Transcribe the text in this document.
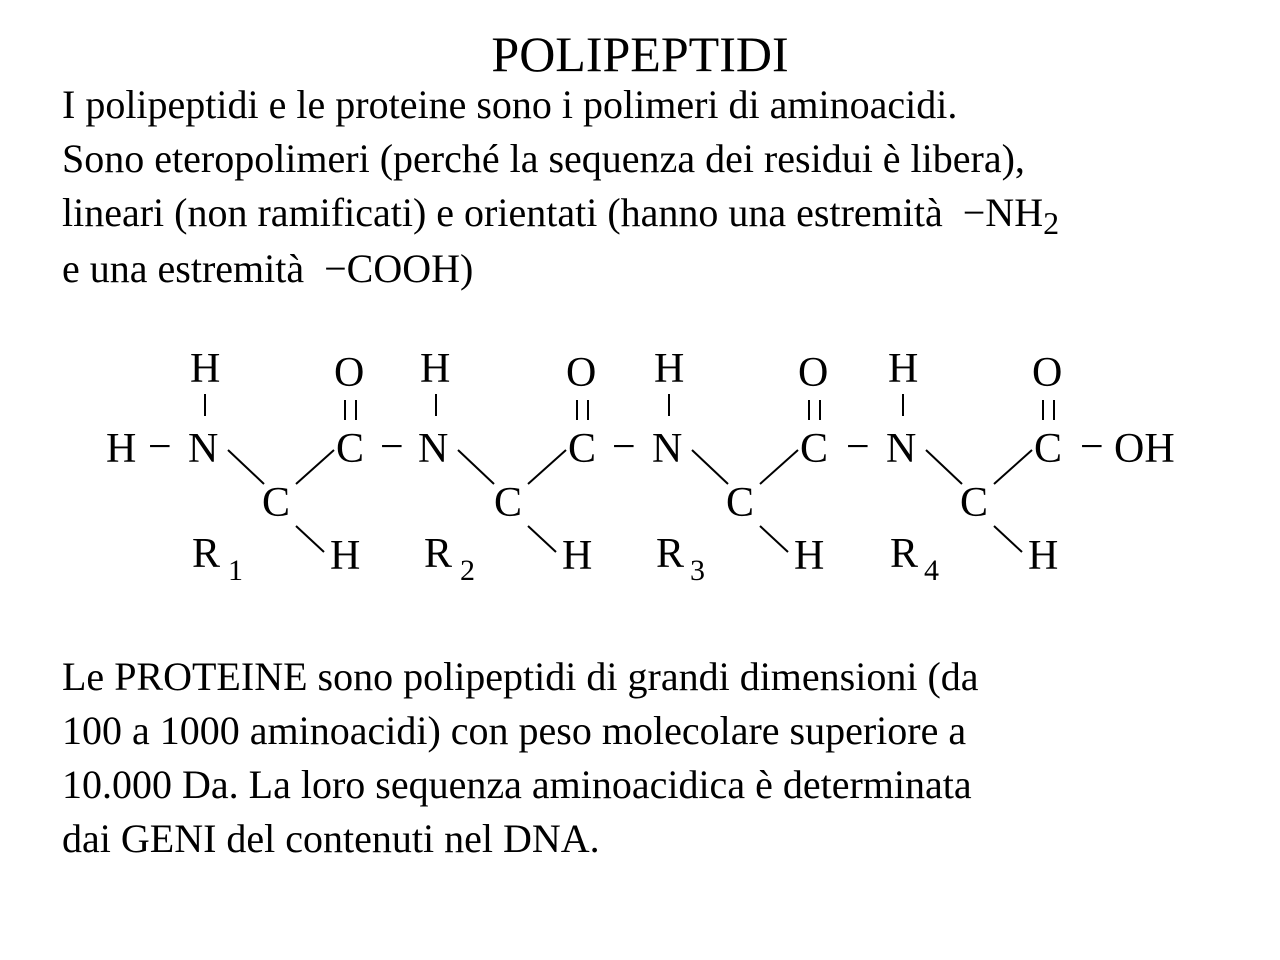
POLIPEPTIDI
I polipeptidi e le proteine sono i polimeri di aminoacidi.
Sono eteropolimeri (perché la sequenza dei residui è libera),
lineari (non ramificati) e orientati (hanno una estremità $-NH_2$
e una estremità −COOH)
H −
H
N
C
H
R 1
O
C −
H
N
C
H
R 2
O
C −
H
N
C
H
R 3
O
C −
H
N
C
H
R 4
O
C − OH
Le PROTEINE sono polipeptidi di grandi dimensioni (da
100 a 1000 aminoacidi) con peso molecolare superiore a
10.000 Da. La loro sequenza aminoacidica è determinata
dai GENI del contenuti nel DNA.
